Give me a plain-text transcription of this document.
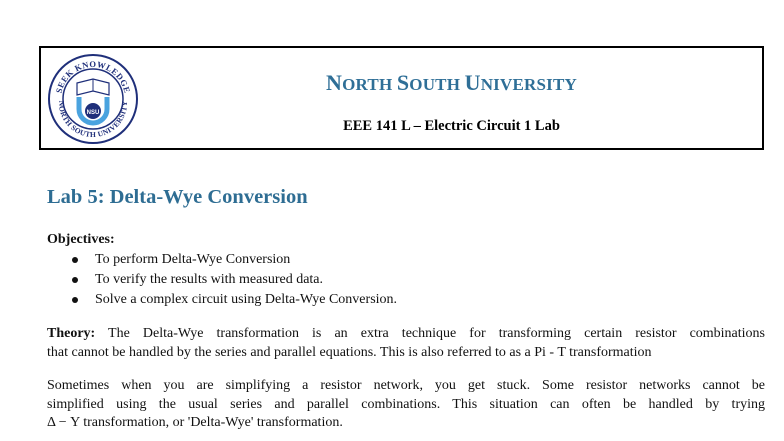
SEEK KNOWLEDGE
NORTH SOUTH UNIVERSITY
NSU
NORTH SOUTH UNIVERSITY
EEE 141 L – Electric Circuit 1 Lab
Lab 5: Delta-Wye Conversion
Objectives:
To perform Delta-Wye Conversion
To verify the results with measured data.
Solve a complex circuit using Delta-Wye Conversion.
Theory: The Delta-Wye transformation is an extra technique for transforming certain resistor combinations
that cannot be handled by the series and parallel equations. This is also referred to as a Pi - T transformation
Sometimes when you are simplifying a resistor network, you get stuck. Some resistor networks cannot be
simplified using the usual series and parallel combinations. This situation can often be handled by trying
Δ − Y transformation, or 'Delta-Wye' transformation.
